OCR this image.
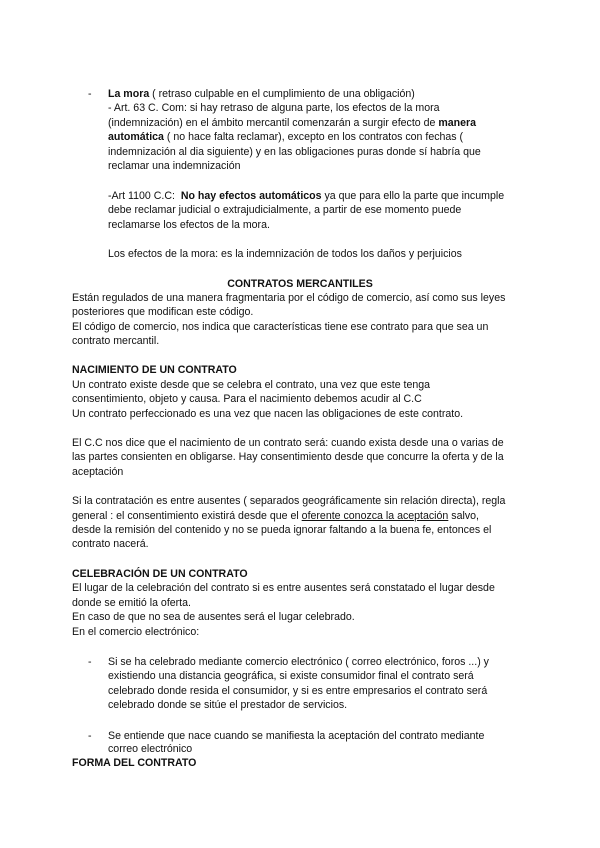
- La mora ( retraso culpable en el cumplimiento de una obligación)
- Art. 63 C. Com: si hay retraso de alguna parte, los efectos de la mora
(indemnización) en el ámbito mercantil comenzarán a surgir efecto de manera
automática ( no hace falta reclamar), excepto en los contratos con fechas (
indemnización al dia siguiente) y en las obligaciones puras donde sí habría que
reclamar una indemnización
-Art 1100 C.C:  No hay efectos automáticos ya que para ello la parte que incumple
debe reclamar judicial o extrajudicialmente, a partir de ese momento puede
reclamarse los efectos de la mora.
Los efectos de la mora: es la indemnización de todos los daños y perjuicios
CONTRATOS MERCANTILES
Están regulados de una manera fragmentaria por el código de comercio, así como sus leyes
posteriores que modifican este código.
El código de comercio, nos indica que características tiene ese contrato para que sea un
contrato mercantil.
NACIMIENTO DE UN CONTRATO
Un contrato existe desde que se celebra el contrato, una vez que este tenga
consentimiento, objeto y causa. Para el nacimiento debemos acudir al C.C
Un contrato perfeccionado es una vez que nacen las obligaciones de este contrato.
El C.C nos dice que el nacimiento de un contrato será: cuando exista desde una o varias de
las partes consienten en obligarse. Hay consentimiento desde que concurre la oferta y de la
aceptación
Si la contratación es entre ausentes ( separados geográficamente sin relación directa), regla
general : el consentimiento existirá desde que el oferente conozca la aceptación salvo,
desde la remisión del contenido y no se pueda ignorar faltando a la buena fe, entonces el
contrato nacerá.
CELEBRACIÓN DE UN CONTRATO
El lugar de la celebración del contrato si es entre ausentes será constatado el lugar desde
donde se emitió la oferta.
En caso de que no sea de ausentes será el lugar celebrado.
En el comercio electrónico:
- Si se ha celebrado mediante comercio electrónico ( correo electrónico, foros ...) y
existiendo una distancia geográfica, si existe consumidor final el contrato será
celebrado donde resida el consumidor, y si es entre empresarios el contrato será
celebrado donde se sitúe el prestador de servicios.
- Se entiende que nace cuando se manifiesta la aceptación del contrato mediante
correo electrónico
FORMA DEL CONTRATO
